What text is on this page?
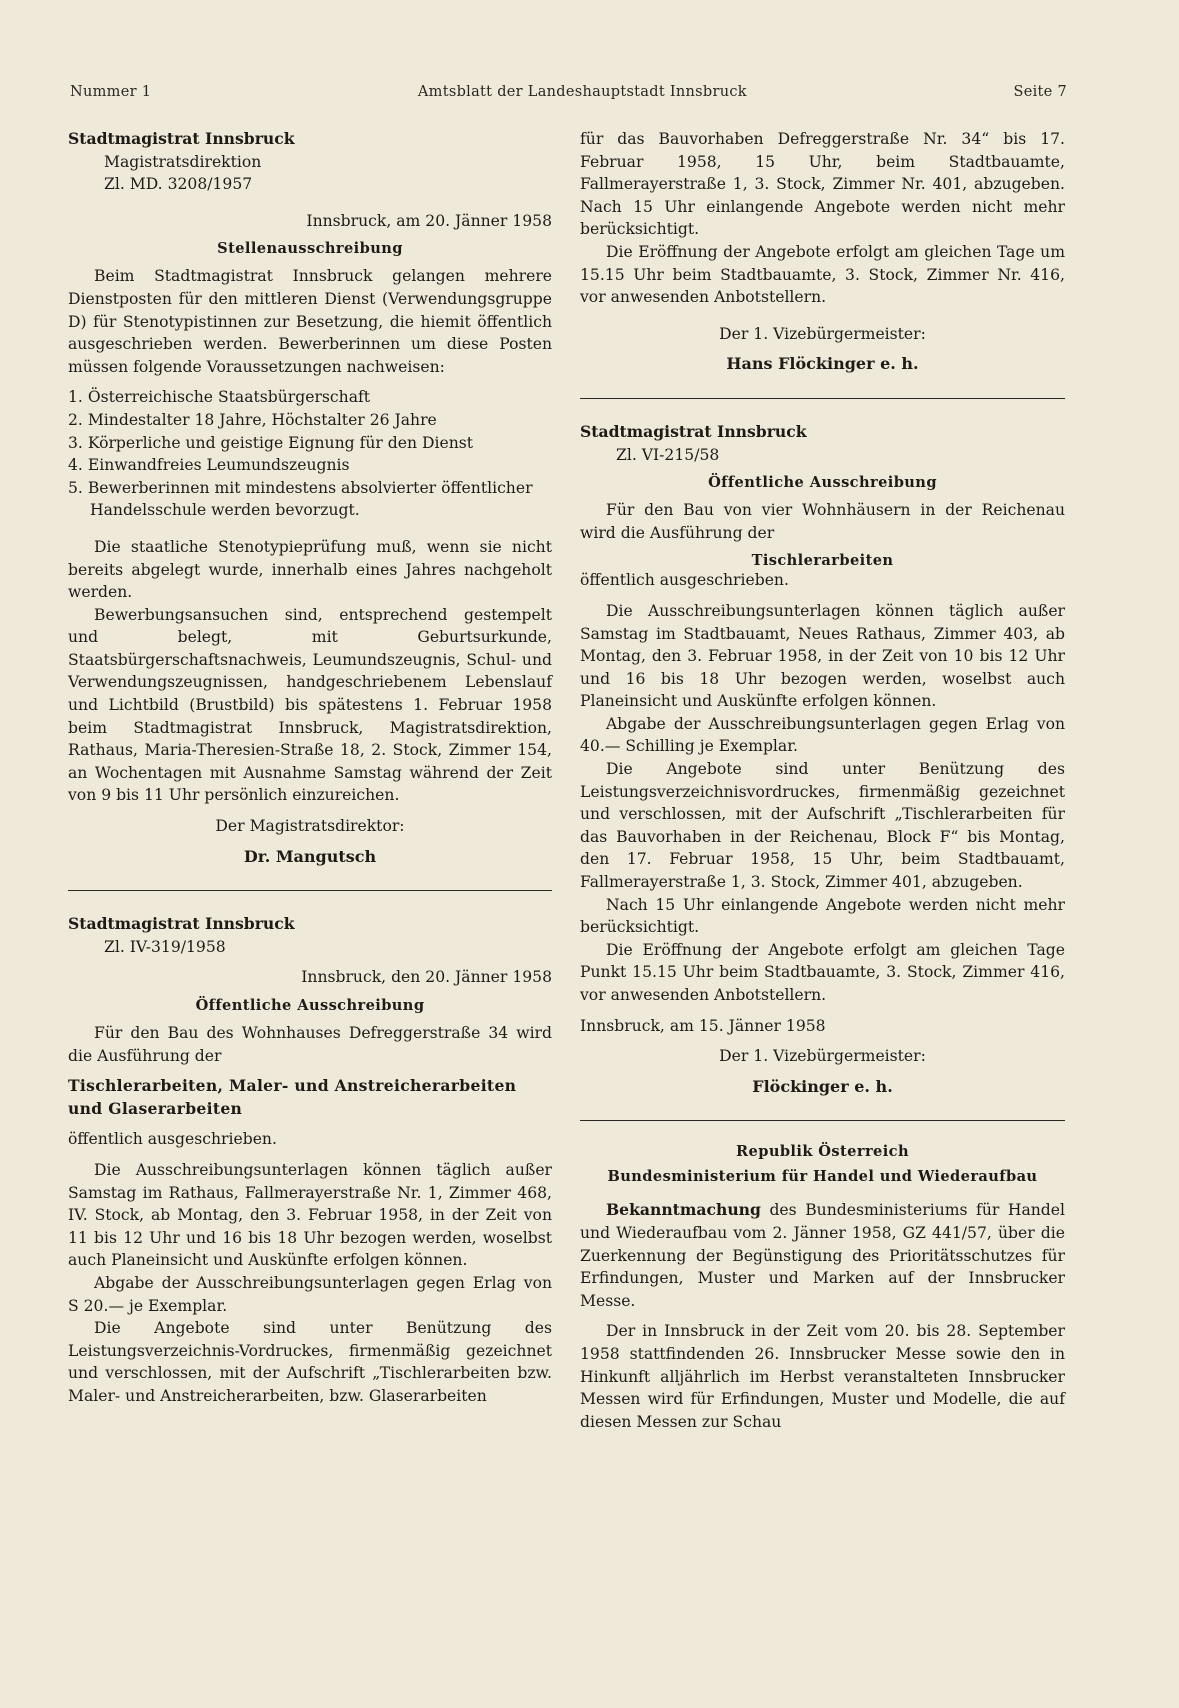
Nummer 1	Amtsblatt der Landeshauptstadt Innsbruck	Seite 7
Stadtmagistrat Innsbruck
Magistratsdirektion
Zl. MD. 3208/1957
Innsbruck, am 20. Jänner 1958
Stellenausschreibung

Beim Stadtmagistrat Innsbruck gelangen mehrere Dienstposten für den mittleren Dienst (Verwendungsgruppe D) für Stenotypistinnen zur Besetzung, die hiemit öffentlich ausgeschrieben werden. Bewerberinnen um diese Posten müssen folgende Voraussetzungen nachweisen:

1. Österreichische Staatsbürgerschaft
2. Mindestalter 18 Jahre, Höchstalter 26 Jahre
3. Körperliche und geistige Eignung für den Dienst
4. Einwandfreies Leumundszeugnis
5. Bewerberinnen mit mindestens absolvierter öffentlicher Handelsschule werden bevorzugt.

Die staatliche Stenotypieprüfung muß, wenn sie nicht bereits abgelegt wurde, innerhalb eines Jahres nachgeholt werden.

Bewerbungsansuchen sind, entsprechend gestempelt und belegt, mit Geburtsurkunde, Staatsbürgerschaftsnachweis, Leumundszeugnis, Schul- und Verwendungszeugnissen, handgeschriebenem Lebenslauf und Lichtbild (Brustbild) bis spätestens 1. Februar 1958 beim Stadtmagistrat Innsbruck, Magistratsdirektion, Rathaus, Maria-Theresien-Straße 18, 2. Stock, Zimmer 154, an Wochentagen mit Ausnahme Samstag während der Zeit von 9 bis 11 Uhr persönlich einzureichen.

Der Magistratsdirektor:
Dr. Mangutsch
Stadtmagistrat Innsbruck
Zl. IV-319/1958
Innsbruck, den 20. Jänner 1958
Öffentliche Ausschreibung

Für den Bau des Wohnhauses Defreggerstraße 34 wird die Ausführung der

Tischlerarbeiten, Maler- und Anstreicherarbeiten und Glaserarbeiten

öffentlich ausgeschrieben.

Die Ausschreibungsunterlagen können täglich außer Samstag im Rathaus, Fallmerayerstraße Nr. 1, Zimmer 468, IV. Stock, ab Montag, den 3. Februar 1958, in der Zeit von 11 bis 12 Uhr und 16 bis 18 Uhr bezogen werden, woselbst auch Planeinsicht und Auskünfte erfolgen können.

Abgabe der Ausschreibungsunterlagen gegen Erlag von S 20.— je Exemplar.

Die Angebote sind unter Benützung des Leistungsverzeichnis-Vordruckes, firmenmäßig gezeichnet und verschlossen, mit der Aufschrift „Tischlerarbeiten bzw. Maler- und Anstreicherarbeiten, bzw. Glaserarbeiten

für das Bauvorhaben Defreggerstraße Nr. 34“ bis 17. Februar 1958, 15 Uhr, beim Stadtbauamte, Fallmerayerstraße 1, 3. Stock, Zimmer Nr. 401, abzugeben. Nach 15 Uhr einlangende Angebote werden nicht mehr berücksichtigt.

Die Eröffnung der Angebote erfolgt am gleichen Tage um 15.15 Uhr beim Stadtbauamte, 3. Stock, Zimmer Nr. 416, vor anwesenden Anbotstellern.

Der 1. Vizebürgermeister:
Hans Flöckinger e. h.
Stadtmagistrat Innsbruck
Zl. VI-215/58
Öffentliche Ausschreibung

Für den Bau von vier Wohnhäusern in der Reichenau wird die Ausführung der

Tischlerarbeiten

öffentlich ausgeschrieben.

Die Ausschreibungsunterlagen können täglich außer Samstag im Stadtbauamt, Neues Rathaus, Zimmer 403, ab Montag, den 3. Februar 1958, in der Zeit von 10 bis 12 Uhr und 16 bis 18 Uhr bezogen werden, woselbst auch Planeinsicht und Auskünfte erfolgen können.

Abgabe der Ausschreibungsunterlagen gegen Erlag von 40.— Schilling je Exemplar.

Die Angebote sind unter Benützung des Leistungsverzeichnisvordruckes, firmenmäßig gezeichnet und verschlossen, mit der Aufschrift „Tischlerarbeiten für das Bauvorhaben in der Reichenau, Block F“ bis Montag, den 17. Februar 1958, 15 Uhr, beim Stadtbauamt, Fallmerayerstraße 1, 3. Stock, Zimmer 401, abzugeben.

Nach 15 Uhr einlangende Angebote werden nicht mehr berücksichtigt.

Die Eröffnung der Angebote erfolgt am gleichen Tage Punkt 15.15 Uhr beim Stadtbauamte, 3. Stock, Zimmer 416, vor anwesenden Anbotstellern.

Innsbruck, am 15. Jänner 1958

Der 1. Vizebürgermeister:
Flöckinger e. h.
Republik Österreich
Bundesministerium für Handel und Wiederaufbau

Bekanntmachung des Bundesministeriums für Handel und Wiederaufbau vom 2. Jänner 1958, GZ 441/57, über die Zuerkennung der Begünstigung des Prioritätsschutzes für Erfindungen, Muster und Marken auf der Innsbrucker Messe.

Der in Innsbruck in der Zeit vom 20. bis 28. September 1958 stattfindenden 26. Innsbrucker Messe sowie den in Hinkunft alljährlich im Herbst veranstalteten Innsbrucker Messen wird für Erfindungen, Muster und Modelle, die auf diesen Messen zur Schau
